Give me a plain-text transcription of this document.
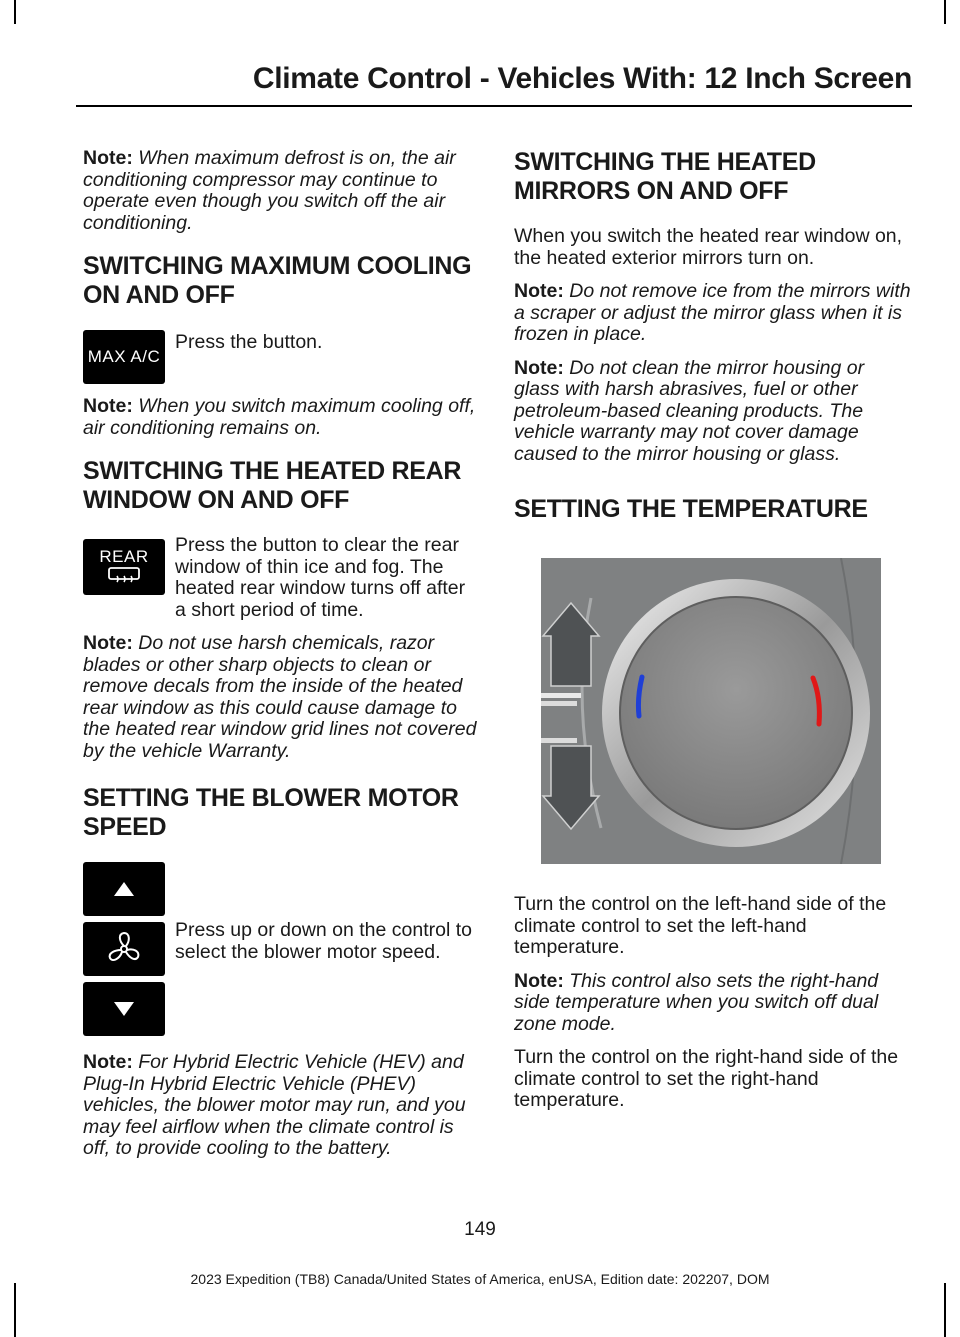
Climate Control - Vehicles With: 12 Inch Screen

Note: When maximum defrost is on, the air conditioning compressor may continue to operate even though you switch off the air conditioning.

SWITCHING MAXIMUM COOLING ON AND OFF
MAX A/C

Press the button.

Note: When you switch maximum cooling off, air conditioning remains on.

SWITCHING THE HEATED REAR WINDOW ON AND OFF
REAR

Press the button to clear the rear window of thin ice and fog. The heated rear window turns off after a short period of time.

Note: Do not use harsh chemicals, razor blades or other sharp objects to clean or remove decals from the inside of the heated rear window as this could cause damage to the heated rear window grid lines not covered by the vehicle Warranty.

SETTING THE BLOWER MOTOR SPEED

Press up or down on the control to select the blower motor speed.

Note: For Hybrid Electric Vehicle (HEV) and Plug-In Hybrid Electric Vehicle (PHEV) vehicles, the blower motor may run, and you may feel airflow when the climate control is off, to provide cooling to the battery.

SWITCHING THE HEATED MIRRORS ON AND OFF

When you switch the heated rear window on, the heated exterior mirrors turn on.

Note: Do not remove ice from the mirrors with a scraper or adjust the mirror glass when it is frozen in place.

Note: Do not clean the mirror housing or glass with harsh abrasives, fuel or other petroleum-based cleaning products. The vehicle warranty may not cover damage caused to the mirror housing or glass.

SETTING THE TEMPERATURE

Turn the control on the left-hand side of the climate control to set the left-hand temperature.

Note: This control also sets the right-hand side temperature when you switch off dual zone mode.

Turn the control on the right-hand side of the climate control to set the right-hand temperature.

149
2023 Expedition (TB8) Canada/United States of America, enUSA, Edition date: 202207, DOM
